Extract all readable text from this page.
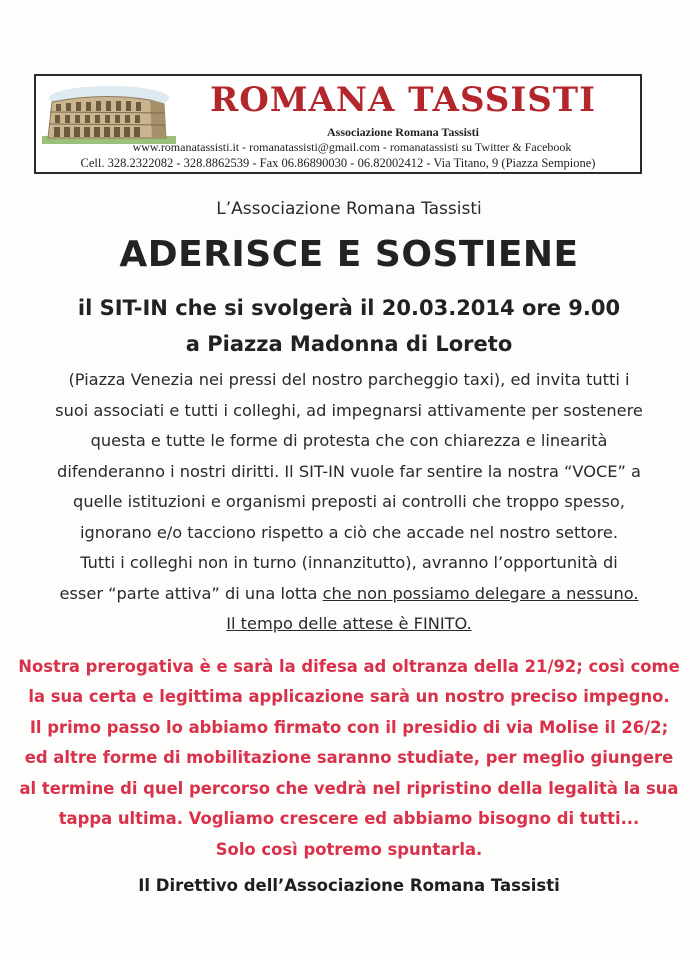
ROMANA TASSISTI
Associazione Romana Tassisti
www.romanatassisti.it - romanatassisti@gmail.com - romanatassisti su Twitter & Facebook
Cell. 328.2322082 - 328.8862539 - Fax 06.86890030 - 06.82002412 - Via Titano, 9 (Piazza Sempione)

L’Associazione Romana Tassisti

ADERISCE E SOSTIENE

il SIT-IN che si svolgerà il 20.03.2014 ore 9.00

a Piazza Madonna di Loreto

(Piazza Venezia nei pressi del nostro parcheggio taxi), ed invita tutti i

suoi associati e tutti i colleghi, ad impegnarsi attivamente per sostenere

questa e tutte le forme di protesta che con chiarezza e linearità

difenderanno i nostri diritti. Il SIT-IN vuole far sentire la nostra “VOCE” a

quelle istituzioni e organismi preposti ai controlli che troppo spesso,

ignorano e/o tacciono rispetto a ciò che accade nel nostro settore.

Tutti i colleghi non in turno (innanzitutto), avranno l’opportunità di

esser “parte attiva” di una lotta che non possiamo delegare a nessuno.

Il tempo delle attese è FINITO.

Nostra prerogativa è e sarà la difesa ad oltranza della 21/92; così come

la sua certa e legittima applicazione sarà un nostro preciso impegno.

Il primo passo lo abbiamo firmato con il presidio di via Molise il 26/2;

ed altre forme di mobilitazione saranno studiate, per meglio giungere

al termine di quel percorso che vedrà nel ripristino della legalità la sua

tappa ultima. Vogliamo crescere ed abbiamo bisogno di tutti...

Solo così potremo spuntarla.

Il Direttivo dell’Associazione Romana Tassisti
